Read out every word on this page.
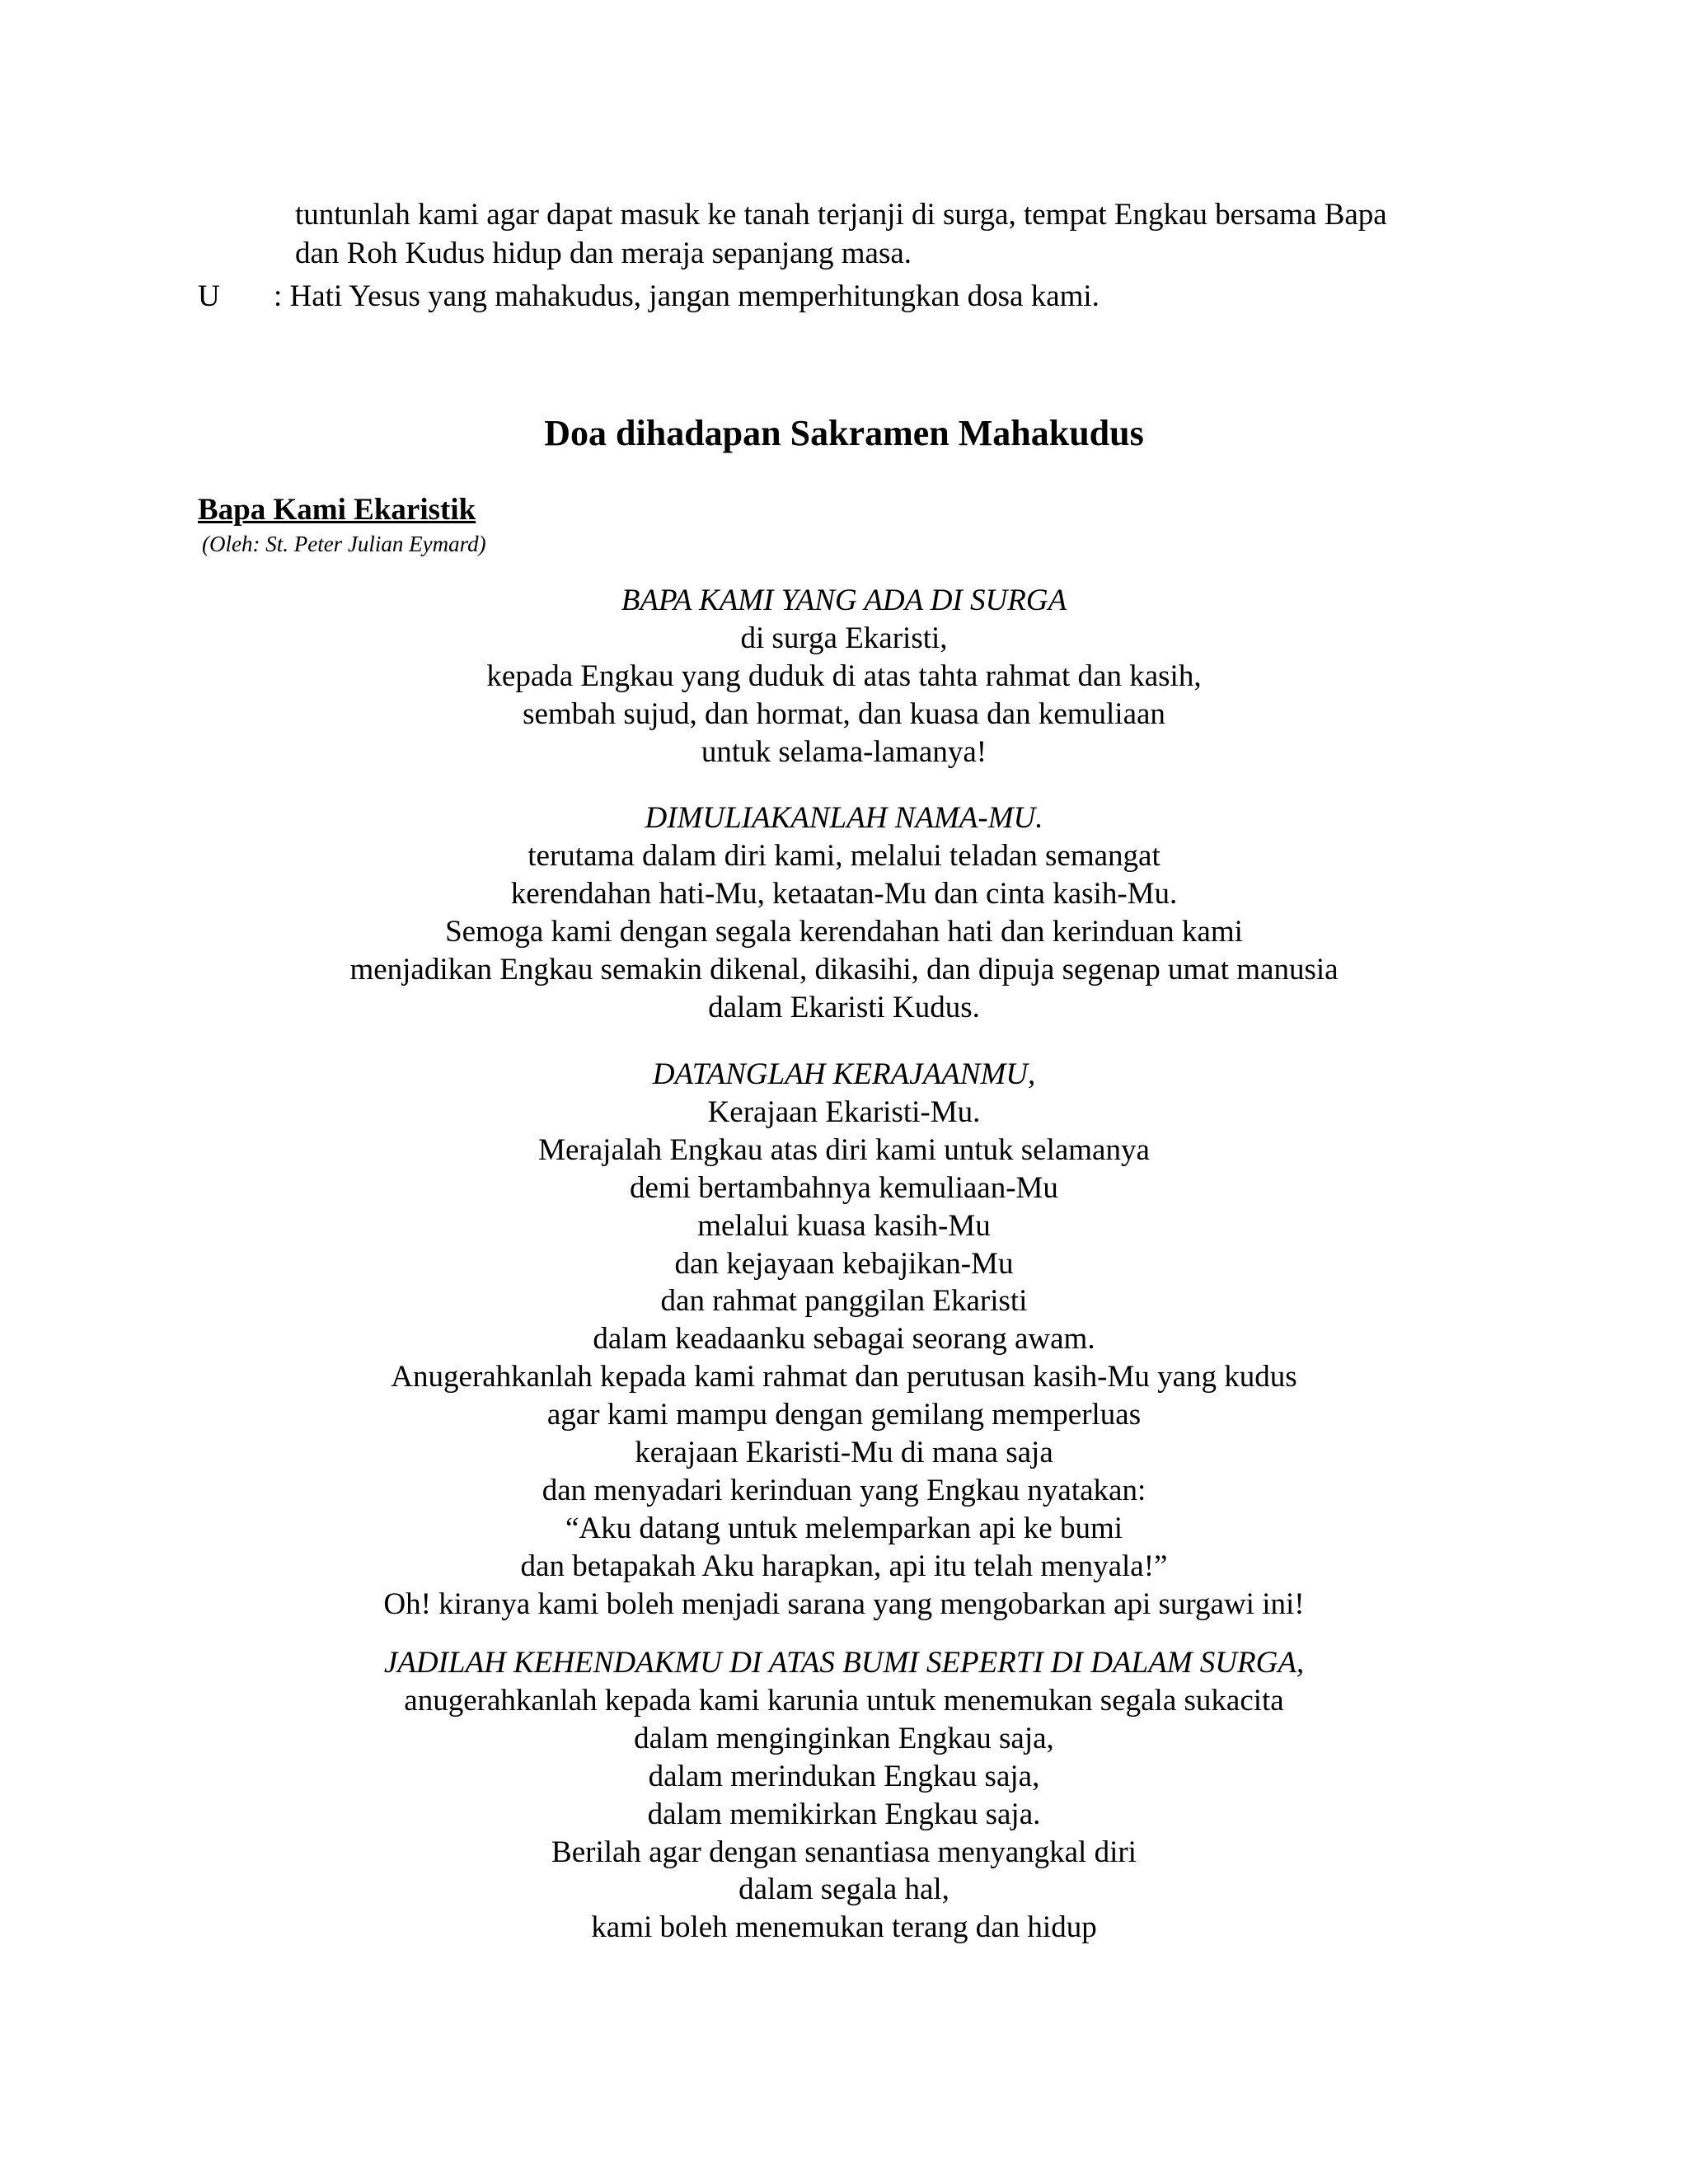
tuntunlah kami agar dapat masuk ke tanah terjanji di surga, tempat Engkau bersama Bapa
dan Roh Kudus hidup dan meraja sepanjang masa.
U : Hati Yesus yang mahakudus, jangan memperhitungkan dosa kami.
Doa dihadapan Sakramen Mahakudus
Bapa Kami Ekaristik
(Oleh: St. Peter Julian Eymard)
BAPA KAMI YANG ADA DI SURGA
di surga Ekaristi,
kepada Engkau yang duduk di atas tahta rahmat dan kasih,
sembah sujud, dan hormat, dan kuasa dan kemuliaan
untuk selama-lamanya!
DIMULIAKANLAH NAMA-MU.
terutama dalam diri kami, melalui teladan semangat
kerendahan hati-Mu, ketaatan-Mu dan cinta kasih-Mu.
Semoga kami dengan segala kerendahan hati dan kerinduan kami
menjadikan Engkau semakin dikenal, dikasihi, dan dipuja segenap umat manusia
dalam Ekaristi Kudus.
DATANGLAH KERAJAANMU,
Kerajaan Ekaristi-Mu.
Merajalah Engkau atas diri kami untuk selamanya
demi bertambahnya kemuliaan-Mu
melalui kuasa kasih-Mu
dan kejayaan kebajikan-Mu
dan rahmat panggilan Ekaristi
dalam keadaanku sebagai seorang awam.
Anugerahkanlah kepada kami rahmat dan perutusan kasih-Mu yang kudus
agar kami mampu dengan gemilang memperluas
kerajaan Ekaristi-Mu di mana saja
dan menyadari kerinduan yang Engkau nyatakan:
“Aku datang untuk melemparkan api ke bumi
dan betapakah Aku harapkan, api itu telah menyala!”
Oh! kiranya kami boleh menjadi sarana yang mengobarkan api surgawi ini!
JADILAH KEHENDAKMU DI ATAS BUMI SEPERTI DI DALAM SURGA,
anugerahkanlah kepada kami karunia untuk menemukan segala sukacita
dalam menginginkan Engkau saja,
dalam merindukan Engkau saja,
dalam memikirkan Engkau saja.
Berilah agar dengan senantiasa menyangkal diri
dalam segala hal,
kami boleh menemukan terang dan hidup
